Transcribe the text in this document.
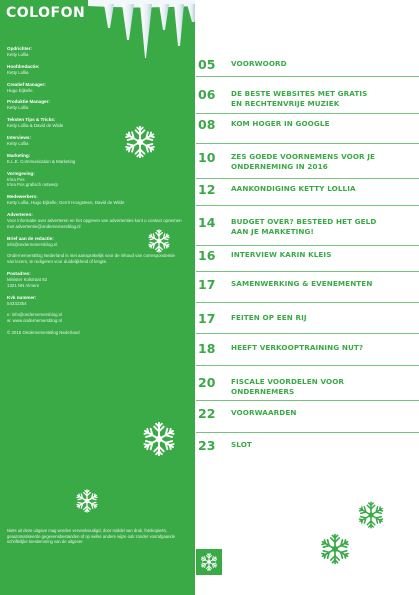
COLOFON
Opdrichter:
Ketty Lollia
Hoofdredactie:
Ketty Lollia
Creatief Manager:
Hugo Eijkelle
Produktie Manager:
Ketty Lollia
Teksten Tips & Tricks:
Ketty Lollia & David de Wilde
Interviews:
Ketty Lollia
Marketing:
K.L.E. Communication & Marketing
Vormgeving:
Irma Pos
Irma Pos grafisch ontwerp
Medewerkers:
Ketty Lollia, Hugo Eijkelle, Gerrit Hoogsteen, David de Wilde
Adverteren:
Voor informatie over adverteren en het opgeven van advertenties kunt u contact opnemen met advertentie@ondernemersblog.nl
Brief aan de redactie:
info@ondernemersblog.nl
OndernemersBlog Nederland is niet aansprakelijk voor de inhoud van correspondentie van lezers, te redigeren voor duidelijkheid of lengte.
Postadres:
Minister Kolstraat 92
1321 NN Almere
Kvk nummer:
54332354
e: info@ondernemersblog.nl
w: www.ondernemersblog.nl
© 2015 OndernemersBlog Nederland

Niets uit deze uitgave mag worden verveelvoudigd, door middel van druk, fotokopieën, geautomatiseerde gegevensbestanden of op welke andere wijze ook zonder voorafgaande schriftelijke toestemming van de uitgever.

05	VOORWOORD
06	DE BESTE WEBSITES MET GRATIS EN RECHTENVRIJE MUZIEK
08	KOM HOGER IN GOOGLE
10	ZES GOEDE VOORNEMENS VOOR JE ONDERNEMING IN 2016
12	AANKONDIGING KETTY LOLLIA
14	BUDGET OVER? BESTEED HET GELD AAN JE MARKETING!
16	INTERVIEW KARIN KLEIS
17	SAMENWERKING & EVENEMENTEN
17	FEITEN OP EEN RIJ
18	HEEFT VERKOOPTRAINING NUT?
20	FISCALE VOORDELEN VOOR ONDERNEMERS
22	VOORWAARDEN
23	SLOT
